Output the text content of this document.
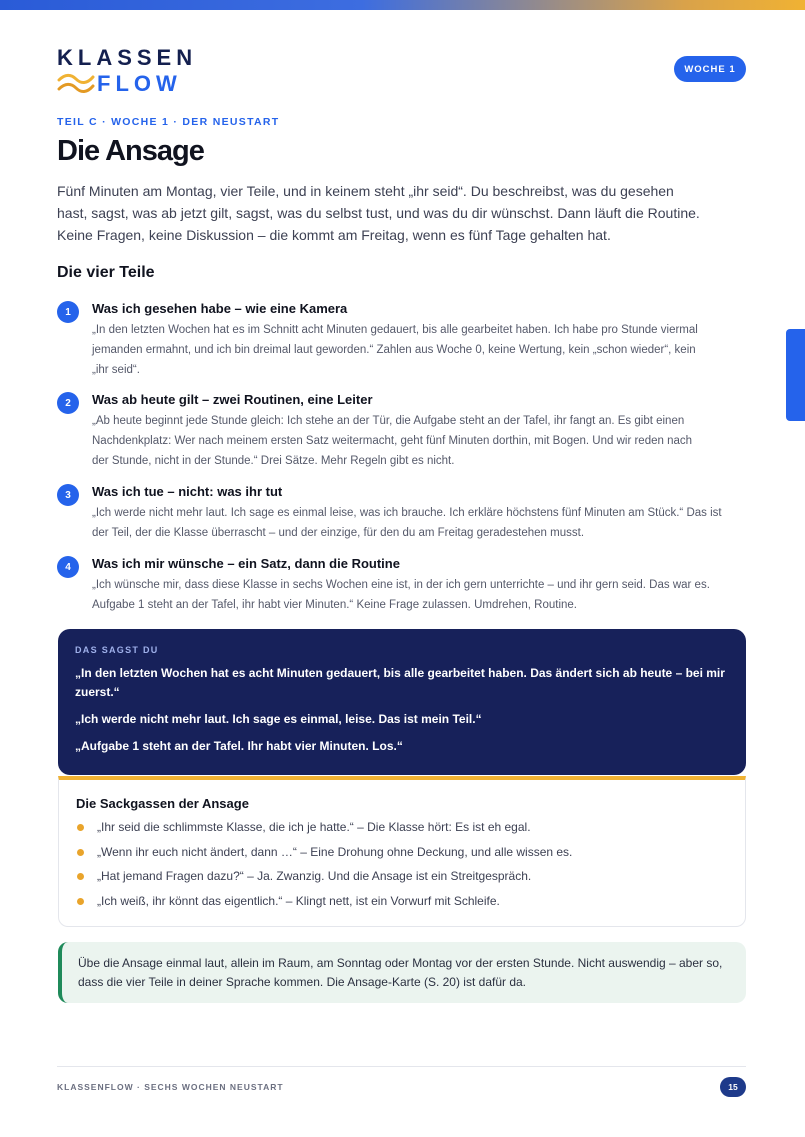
KLASSEN
FLOW
WOCHE 1
TEIL C · WOCHE 1 · DER NEUSTART
Die Ansage
Fünf Minuten am Montag, vier Teile, und in keinem steht „ihr seid“. Du beschreibst, was du gesehen
hast, sagst, was ab jetzt gilt, sagst, was du selbst tust, und was du dir wünschst. Dann läuft die Routine.
Keine Fragen, keine Diskussion – die kommt am Freitag, wenn es fünf Tage gehalten hat.
Die vier Teile
1	Was ich gesehen habe – wie eine Kamera
„In den letzten Wochen hat es im Schnitt acht Minuten gedauert, bis alle gearbeitet haben. Ich habe pro Stunde viermal
jemanden ermahnt, und ich bin dreimal laut geworden.“ Zahlen aus Woche 0, keine Wertung, kein „schon wieder“, kein
„ihr seid“.
2	Was ab heute gilt – zwei Routinen, eine Leiter
„Ab heute beginnt jede Stunde gleich: Ich stehe an der Tür, die Aufgabe steht an der Tafel, ihr fangt an. Es gibt einen
Nachdenkplatz: Wer nach meinem ersten Satz weitermacht, geht fünf Minuten dorthin, mit Bogen. Und wir reden nach
der Stunde, nicht in der Stunde.“ Drei Sätze. Mehr Regeln gibt es nicht.
3	Was ich tue – nicht: was ihr tut
„Ich werde nicht mehr laut. Ich sage es einmal leise, was ich brauche. Ich erkläre höchstens fünf Minuten am Stück.“ Das ist
der Teil, der die Klasse überrascht – und der einzige, für den du am Freitag geradestehen musst.
4	Was ich mir wünsche – ein Satz, dann die Routine
„Ich wünsche mir, dass diese Klasse in sechs Wochen eine ist, in der ich gern unterrichte – und ihr gern seid. Das war es.
Aufgabe 1 steht an der Tafel, ihr habt vier Minuten.“ Keine Frage zulassen. Umdrehen, Routine.
DAS SAGST DU
„In den letzten Wochen hat es acht Minuten gedauert, bis alle gearbeitet haben. Das ändert sich ab heute – bei mir
zuerst.“
„Ich werde nicht mehr laut. Ich sage es einmal, leise. Das ist mein Teil.“
„Aufgabe 1 steht an der Tafel. Ihr habt vier Minuten. Los.“
Die Sackgassen der Ansage
„Ihr seid die schlimmste Klasse, die ich je hatte.“ – Die Klasse hört: Es ist eh egal.
„Wenn ihr euch nicht ändert, dann …“ – Eine Drohung ohne Deckung, und alle wissen es.
„Hat jemand Fragen dazu?“ – Ja. Zwanzig. Und die Ansage ist ein Streitgespräch.
„Ich weiß, ihr könnt das eigentlich.“ – Klingt nett, ist ein Vorwurf mit Schleife.
Übe die Ansage einmal laut, allein im Raum, am Sonntag oder Montag vor der ersten Stunde. Nicht auswendig – aber so,
dass die vier Teile in deiner Sprache kommen. Die Ansage-Karte (S. 20) ist dafür da.
KLASSENFLOW · SECHS WOCHEN NEUSTART	15
